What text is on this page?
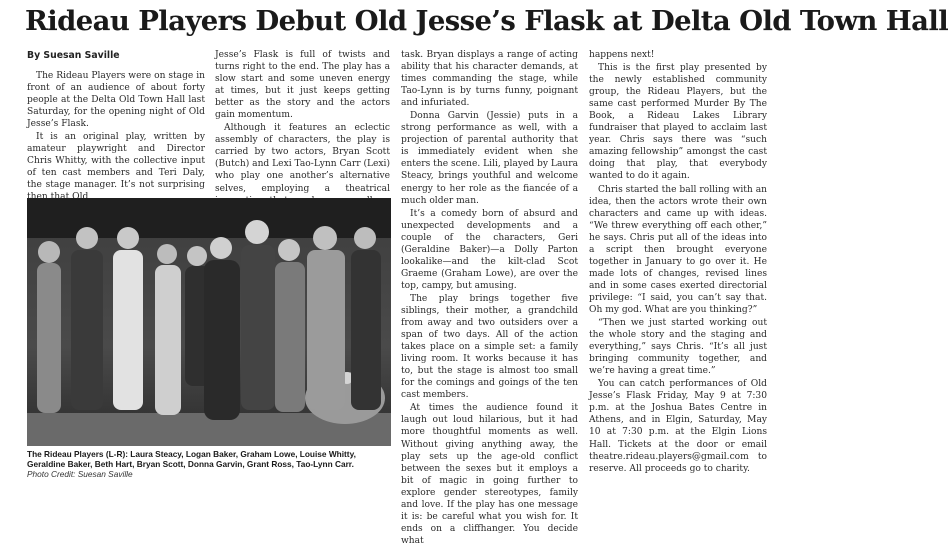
Rideau Players Debut Old Jesse’s Flask at Delta Old Town Hall
By Suesan Saville

The Rideau Players were on stage in front of an audience of about forty people at the Delta Old Town Hall last Saturday, for the opening night of Old Jesse’s Flask.

It is an original play, written by amateur playwright and Director Chris Whitty, with the collective input of ten cast members and Teri Daly, the stage manager. It’s not surprising

Jesse’s Flask is full of twists and turns right to the end. The play has a slow start and some uneven energy at times, but it just keeps getting better as the story and the actors gain momentum.

Although it features an eclectic assembly of characters, the play is carried by two actors, Bryan Scott (Butch) and Lexi Tao-Lynn Carr (Lexi) who play one another’s alternative selves, employing a theatrical

task. Bryan displays a range of acting ability that his character demands, at times commanding the stage, while Tao-Lynn is by turns funny, poignant and infuriated.

Donna Garvin (Jessie) puts in a strong performance as well, with a projection of parental authority that is immediately evident when she enters the scene. Lili, played by Laura Steacy, brings youthful and welcome energy to her role as the fiancée of a much older man.

It’s a comedy born of absurd and unexpected developments and a couple of the characters, Geri (Geraldine Baker)—a Dolly Parton lookalike—and the kilt-clad Scot Graeme (Graham Lowe), are over the top, campy, but amusing.

The play brings together five siblings, their mother, a grandchild from away and two outsiders over a span of two days. All of the action takes place on a simple set: a family living room. It works because it has to, but the stage is almost too small for the comings and goings of the ten cast members.

At times the audience found it laugh out loud hilarious, but it had more thoughtful moments as well. Without giving anything away, the play sets up the age-old conflict between the sexes but it employs a bit of magic in going further to explore gender stereotypes, family and love. If the play has one message it is: be careful what you wish for. It ends on a cliffhanger. You decide what

happens next!

This is the first play presented by the newly established community group, the Rideau Players, but the same cast performed Murder By The Book, a Rideau Lakes Library fundraiser that played to acclaim last year. Chris says there was “such amazing fellowship” amongst the cast doing that play, that everybody wanted to do it again.

Chris started the ball rolling with an idea, then the actors wrote their own characters and came up with ideas. “We threw everything off each other,” he says. Chris put all of the ideas into a script then brought everyone together in January to go over it. He made lots of changes, revised lines and in some cases exerted directorial privilege: “I said, you can’t say that. Oh my god. What are you thinking?”

“Then we just started working out the whole story and the staging and everything,” says Chris. “It’s all just bringing community together, and we’re having a great time.”

You can catch performances of Old Jesse’s Flask Friday, May 9 at 7:30 p.m. at the Joshua Bates Centre in Athens, and in Elgin, Saturday, May 10 at 7:30 p.m. at the Elgin Lions Hall. Tickets at the door or email theatre.rideau.players@gmail.com to reserve. All proceeds go to charity.

The Rideau Players (L-R): Laura Steacy, Logan Baker, Graham Lowe, Louise Whitty, Geraldine Baker, Beth Hart, Bryan Scott, Donna Garvin, Grant Ross, Tao-Lynn Carr.
Photo Credit: Suesan Saville
